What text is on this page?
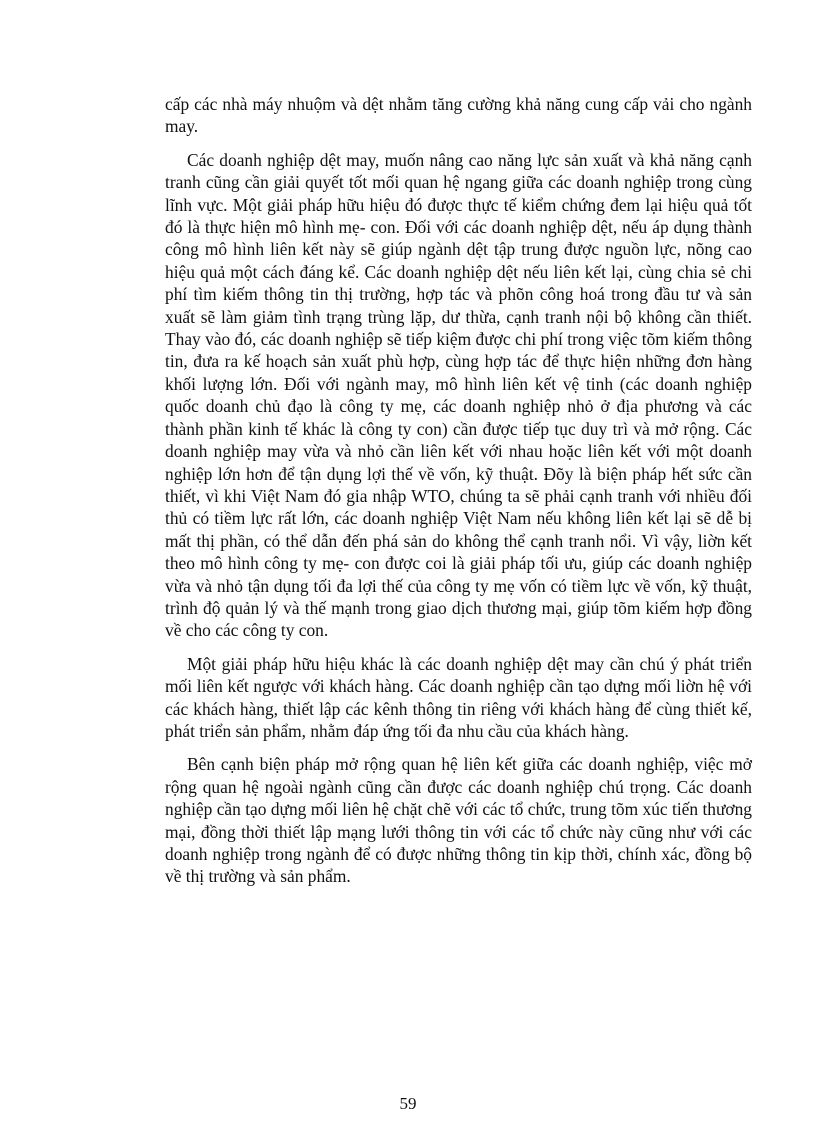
cấp các nhà máy nhuộm và dệt nhằm tăng cường khả năng cung cấp vải cho ngành may.

Các doanh nghiệp dệt may, muốn nâng cao năng lực sản xuất và khả năng cạnh tranh cũng cần giải quyết tốt mối quan hệ ngang giữa các doanh nghiệp trong cùng lĩnh vực. Một giải pháp hữu hiệu đó được thực tế kiểm chứng đem lại hiệu quả tốt đó là thực hiện mô hình mẹ- con. Đối với các doanh nghiệp dệt, nếu áp dụng thành công mô hình liên kết này sẽ giúp ngành dệt tập trung được nguồn lực, nõng cao hiệu quả một cách đáng kể. Các doanh nghiệp dệt nếu liên kết lại, cùng chia sẻ chi phí tìm kiếm thông tin thị trường, hợp tác và phõn công hoá trong đầu tư và sản xuất sẽ làm giảm tình trạng trùng lặp, dư thừa, cạnh tranh nội bộ không cần thiết. Thay vào đó, các doanh nghiệp sẽ tiếp kiệm được chi phí trong việc tõm kiếm thông tin, đưa ra kế hoạch sản xuất phù hợp, cùng hợp tác để thực hiện những đơn hàng khối lượng lớn. Đối với ngành may, mô hình liên kết vệ tinh (các doanh nghiệp quốc doanh chủ đạo là công ty mẹ, các doanh nghiệp nhỏ ở địa phương và các thành phần kinh tế khác là công ty con) cần được tiếp tục duy trì và mở rộng. Các doanh nghiệp may vừa và nhỏ cần liên kết với nhau hoặc liên kết với một doanh nghiệp lớn hơn để tận dụng lợi thế về vốn, kỹ thuật. Đõy là biện pháp hết sức cần thiết, vì khi Việt Nam đó gia nhập WTO, chúng ta sẽ phải cạnh tranh với nhiều đối thủ có tiềm lực rất lớn, các doanh nghiệp Việt Nam nếu không liên kết lại sẽ dễ bị mất thị phần, có thể dẫn đến phá sản do không thể cạnh tranh nổi. Vì vậy, liờn kết theo mô hình công ty mẹ- con được coi là giải pháp tối ưu, giúp các doanh nghiệp vừa và nhỏ tận dụng tối đa lợi thế của công ty mẹ vốn có tiềm lực về vốn, kỹ thuật, trình độ quản lý và thế mạnh trong giao dịch thương mại, giúp tõm kiếm hợp đồng về cho các công ty con.

Một giải pháp hữu hiệu khác là các doanh nghiệp dệt may cần chú ý phát triển mối liên kết ngược với khách hàng. Các doanh nghiệp cần tạo dựng mối liờn hệ với các khách hàng, thiết lập các kênh thông tin riêng với khách hàng để cùng thiết kế, phát triển sản phẩm, nhằm đáp ứng tối đa nhu cầu của khách hàng.

Bên cạnh biện pháp mở rộng quan hệ liên kết giữa các doanh nghiệp, việc mở rộng quan hệ ngoài ngành cũng cần được các doanh nghiệp chú trọng. Các doanh nghiệp cần tạo dựng mối liên hệ chặt chẽ với các tổ chức, trung tõm xúc tiến thương mại, đồng thời thiết lập mạng lưới thông tin với các tổ chức này cũng như với các doanh nghiệp trong ngành để có được những thông tin kịp thời, chính xác, đồng bộ về thị trường và sản phẩm.

59
